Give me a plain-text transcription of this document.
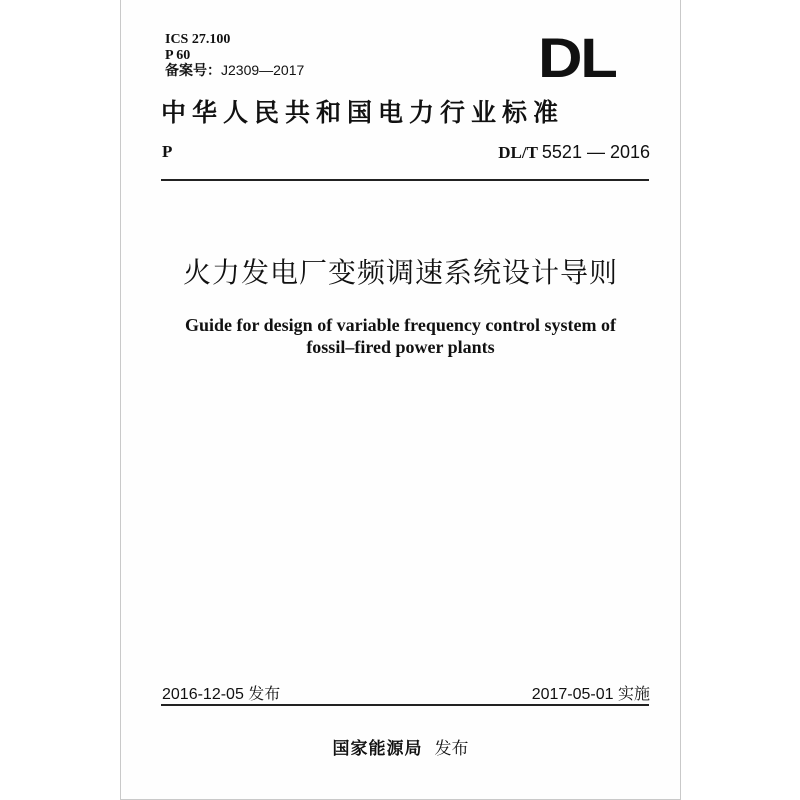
ICS 27.100
P 60
备案号：J2309—2017	DL
中华人民共和国电力行业标准
P	DL/T 5521 — 2016
火力发电厂变频调速系统设计导则
Guide for design of variable frequency control system of
fossil–fired power plants
2016-12-05 发布	2017-05-01 实施
国家能源局 发布
